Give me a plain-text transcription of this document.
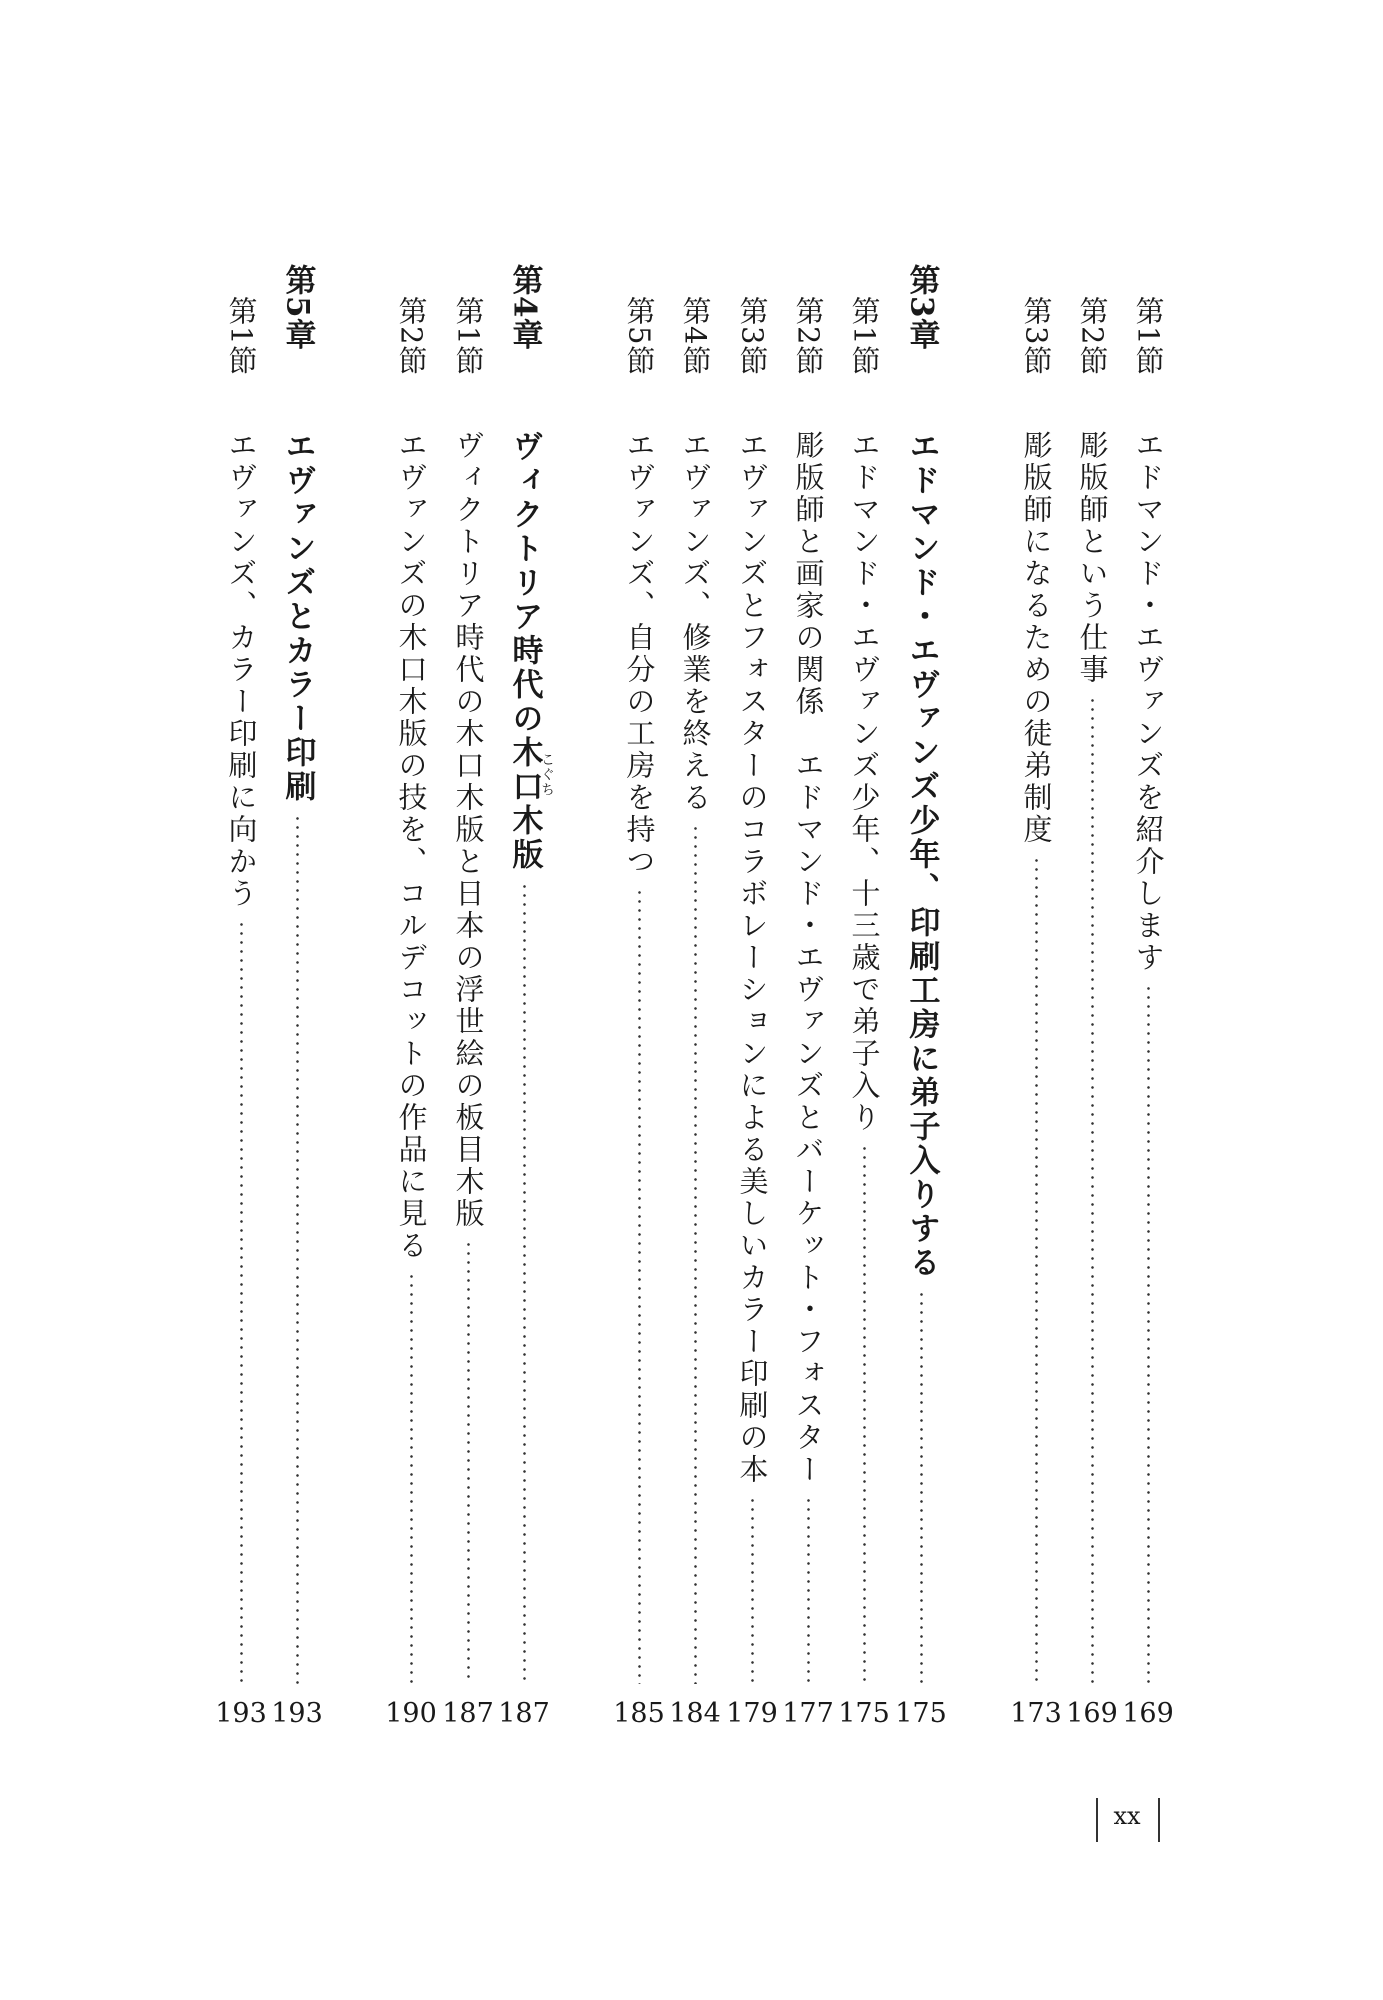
第1節
エドマンド・エヴァンズを紹介します
169
第2節
彫版師という仕事
169
第3節
彫版師になるための徒弟制度
173
第3章
エドマンド・エヴァンズ少年、印刷工房に弟子入りする
175
第1節
エドマンド・エヴァンズ少年、十三歳で弟子入り
175
第2節
彫版師と画家の関係　エドマンド・エヴァンズとバーケット・フォスター
177
第3節
エヴァンズとフォスターのコラボレーションによる美しいカラー印刷の本
179
第4節
エヴァンズ、修業を終える
184
第5節
エヴァンズ、自分の工房を持つ
185
第4章
ヴィクトリア時代の木口木版
こぐち
187
第1節
ヴィクトリア時代の木口木版と日本の浮世絵の板目木版
187
第2節
エヴァンズの木口木版の技を、コルデコットの作品に見る
190
第5章
エヴァンズとカラー印刷
193
第1節
エヴァンズ、カラー印刷に向かう
193
xx
